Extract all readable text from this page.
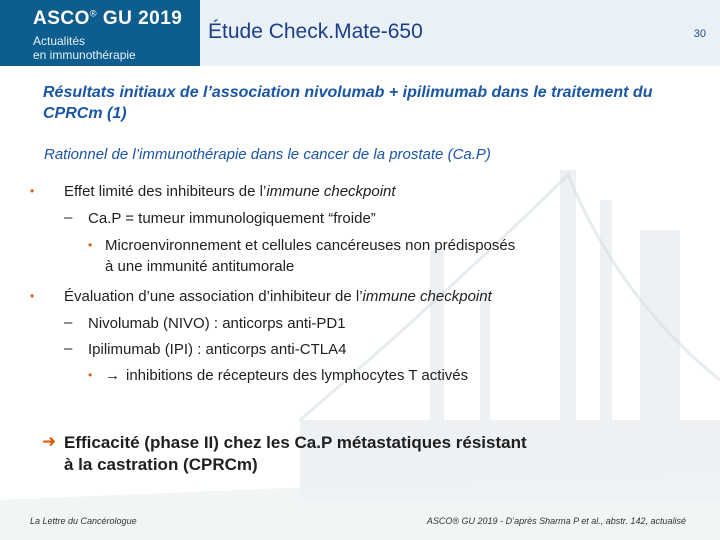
ASCO® GU 2019
Actualités
en immunothérapie
Étude Check.Mate-650	30
Résultats initiaux de l’association nivolumab + ipilimumab dans le traitement du CPRCm (1)
Rationnel de l’immunothérapie dans le cancer de la prostate (Ca.P)
• Effet limité des inhibiteurs de l’immune checkpoint
– Ca.P = tumeur immunologiquement “froide”
• Microenvironnement et cellules cancéreuses non prédisposés
à une immunité antitumorale
• Évaluation d’une association d’inhibiteur de l’immune checkpoint
– Nivolumab (NIVO) : anticorps anti-PD1
– Ipilimumab (IPI) : anticorps anti-CTLA4
• → inhibitions de récepteurs des lymphocytes T activés
➜ Efficacité (phase II) chez les Ca.P métastatiques résistant
à la castration (CPRCm)
La Lettre du Cancérologue	ASCO® GU 2019 - D’après Sharma P et al., abstr. 142, actualisé
